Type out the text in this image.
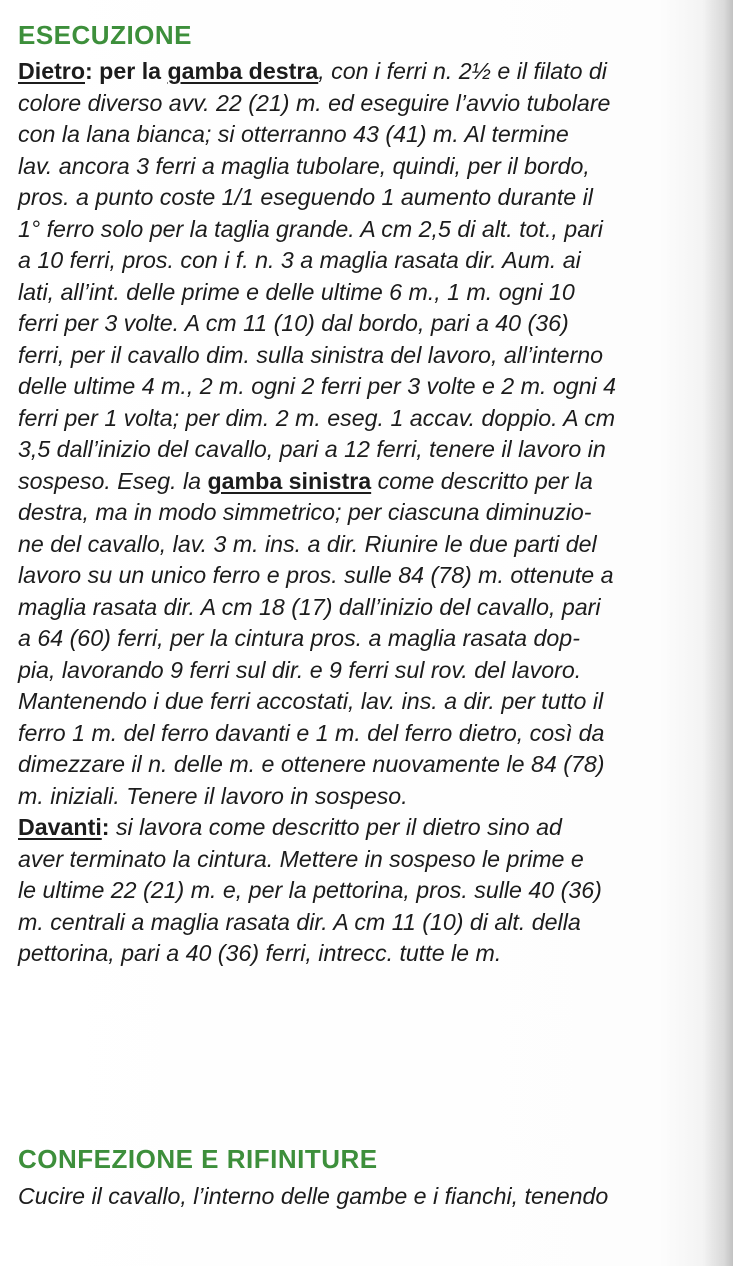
ESECUZIONE
Dietro: per la gamba destra, con i ferri n. 2½ e il filato di
colore diverso avv. 22 (21) m. ed eseguire l’avvio tubolare
con la lana bianca; si otterranno 43 (41) m. Al termine
lav. ancora 3 ferri a maglia tubolare, quindi, per il bordo,
pros. a punto coste 1/1 eseguendo 1 aumento durante il
1° ferro solo per la taglia grande. A cm 2,5 di alt. tot., pari
a 10 ferri, pros. con i f. n. 3 a maglia rasata dir. Aum. ai
lati, all’int. delle prime e delle ultime 6 m., 1 m. ogni 10
ferri per 3 volte. A cm 11 (10) dal bordo, pari a 40 (36)
ferri, per il cavallo dim. sulla sinistra del lavoro, all’interno
delle ultime 4 m., 2 m. ogni 2 ferri per 3 volte e 2 m. ogni 4
ferri per 1 volta; per dim. 2 m. eseg. 1 accav. doppio. A cm
3,5 dall’inizio del cavallo, pari a 12 ferri, tenere il lavoro in
sospeso. Eseg. la gamba sinistra come descritto per la
destra, ma in modo simmetrico; per ciascuna diminuzio-
ne del cavallo, lav. 3 m. ins. a dir. Riunire le due parti del
lavoro su un unico ferro e pros. sulle 84 (78) m. ottenute a
maglia rasata dir. A cm 18 (17) dall’inizio del cavallo, pari
a 64 (60) ferri, per la cintura pros. a maglia rasata dop-
pia, lavorando 9 ferri sul dir. e 9 ferri sul rov. del lavoro.
Mantenendo i due ferri accostati, lav. ins. a dir. per tutto il
ferro 1 m. del ferro davanti e 1 m. del ferro dietro, così da
dimezzare il n. delle m. e ottenere nuovamente le 84 (78)
m. iniziali. Tenere il lavoro in sospeso.
Davanti: si lavora come descritto per il dietro sino ad
aver terminato la cintura. Mettere in sospeso le prime e
le ultime 22 (21) m. e, per la pettorina, pros. sulle 40 (36)
m. centrali a maglia rasata dir. A cm 11 (10) di alt. della
pettorina, pari a 40 (36) ferri, intrecc. tutte le m.
CONFEZIONE E RIFINITURE
Cucire il cavallo, l’interno delle gambe e i fianchi, tenendo
